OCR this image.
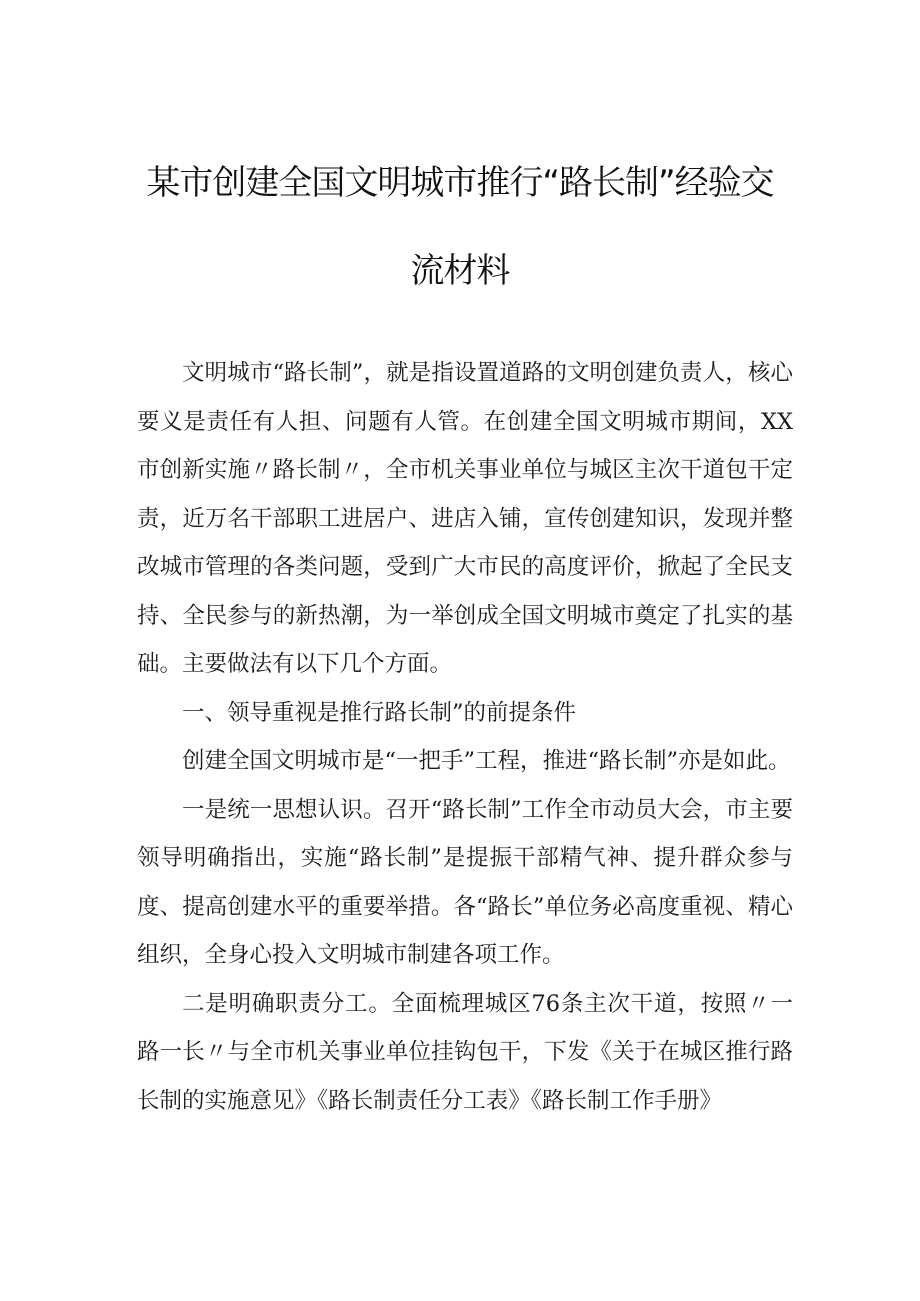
某市创建全国文明城市推行“路长制”经验交
流材料

文明城市“路长制”，就是指设置道路的文明创建负责人，核心要义是责任有人担、问题有人管。在创建全国文明城市期间，XX市创新实施〃路长制〃，全市机关事业单位与城区主次干道包干定责，近万名干部职工进居户、进店入铺，宣传创建知识，发现并整改城市管理的各类问题，受到广大市民的高度评价，掀起了全民支持、全民参与的新热潮，为一举创成全国文明城市奠定了扎实的基础。主要做法有以下几个方面。

一、领导重视是推行路长制”的前提条件

创建全国文明城市是“一把手”工程，推进“路长制”亦是如此。

一是统一思想认识。召开“路长制”工作全市动员大会，市主要领导明确指出，实施“路长制”是提振干部精气神、提升群众参与度、提高创建水平的重要举措。各“路长”单位务必高度重视、精心组织，全身心投入文明城市制建各项工作。

二是明确职责分工。全面梳理城区76条主次干道，按照〃一路一长〃与全市机关事业单位挂钩包干，下发《关于在城区推行路长制的实施意见》《路长制责任分工表》《路长制工作手册》
